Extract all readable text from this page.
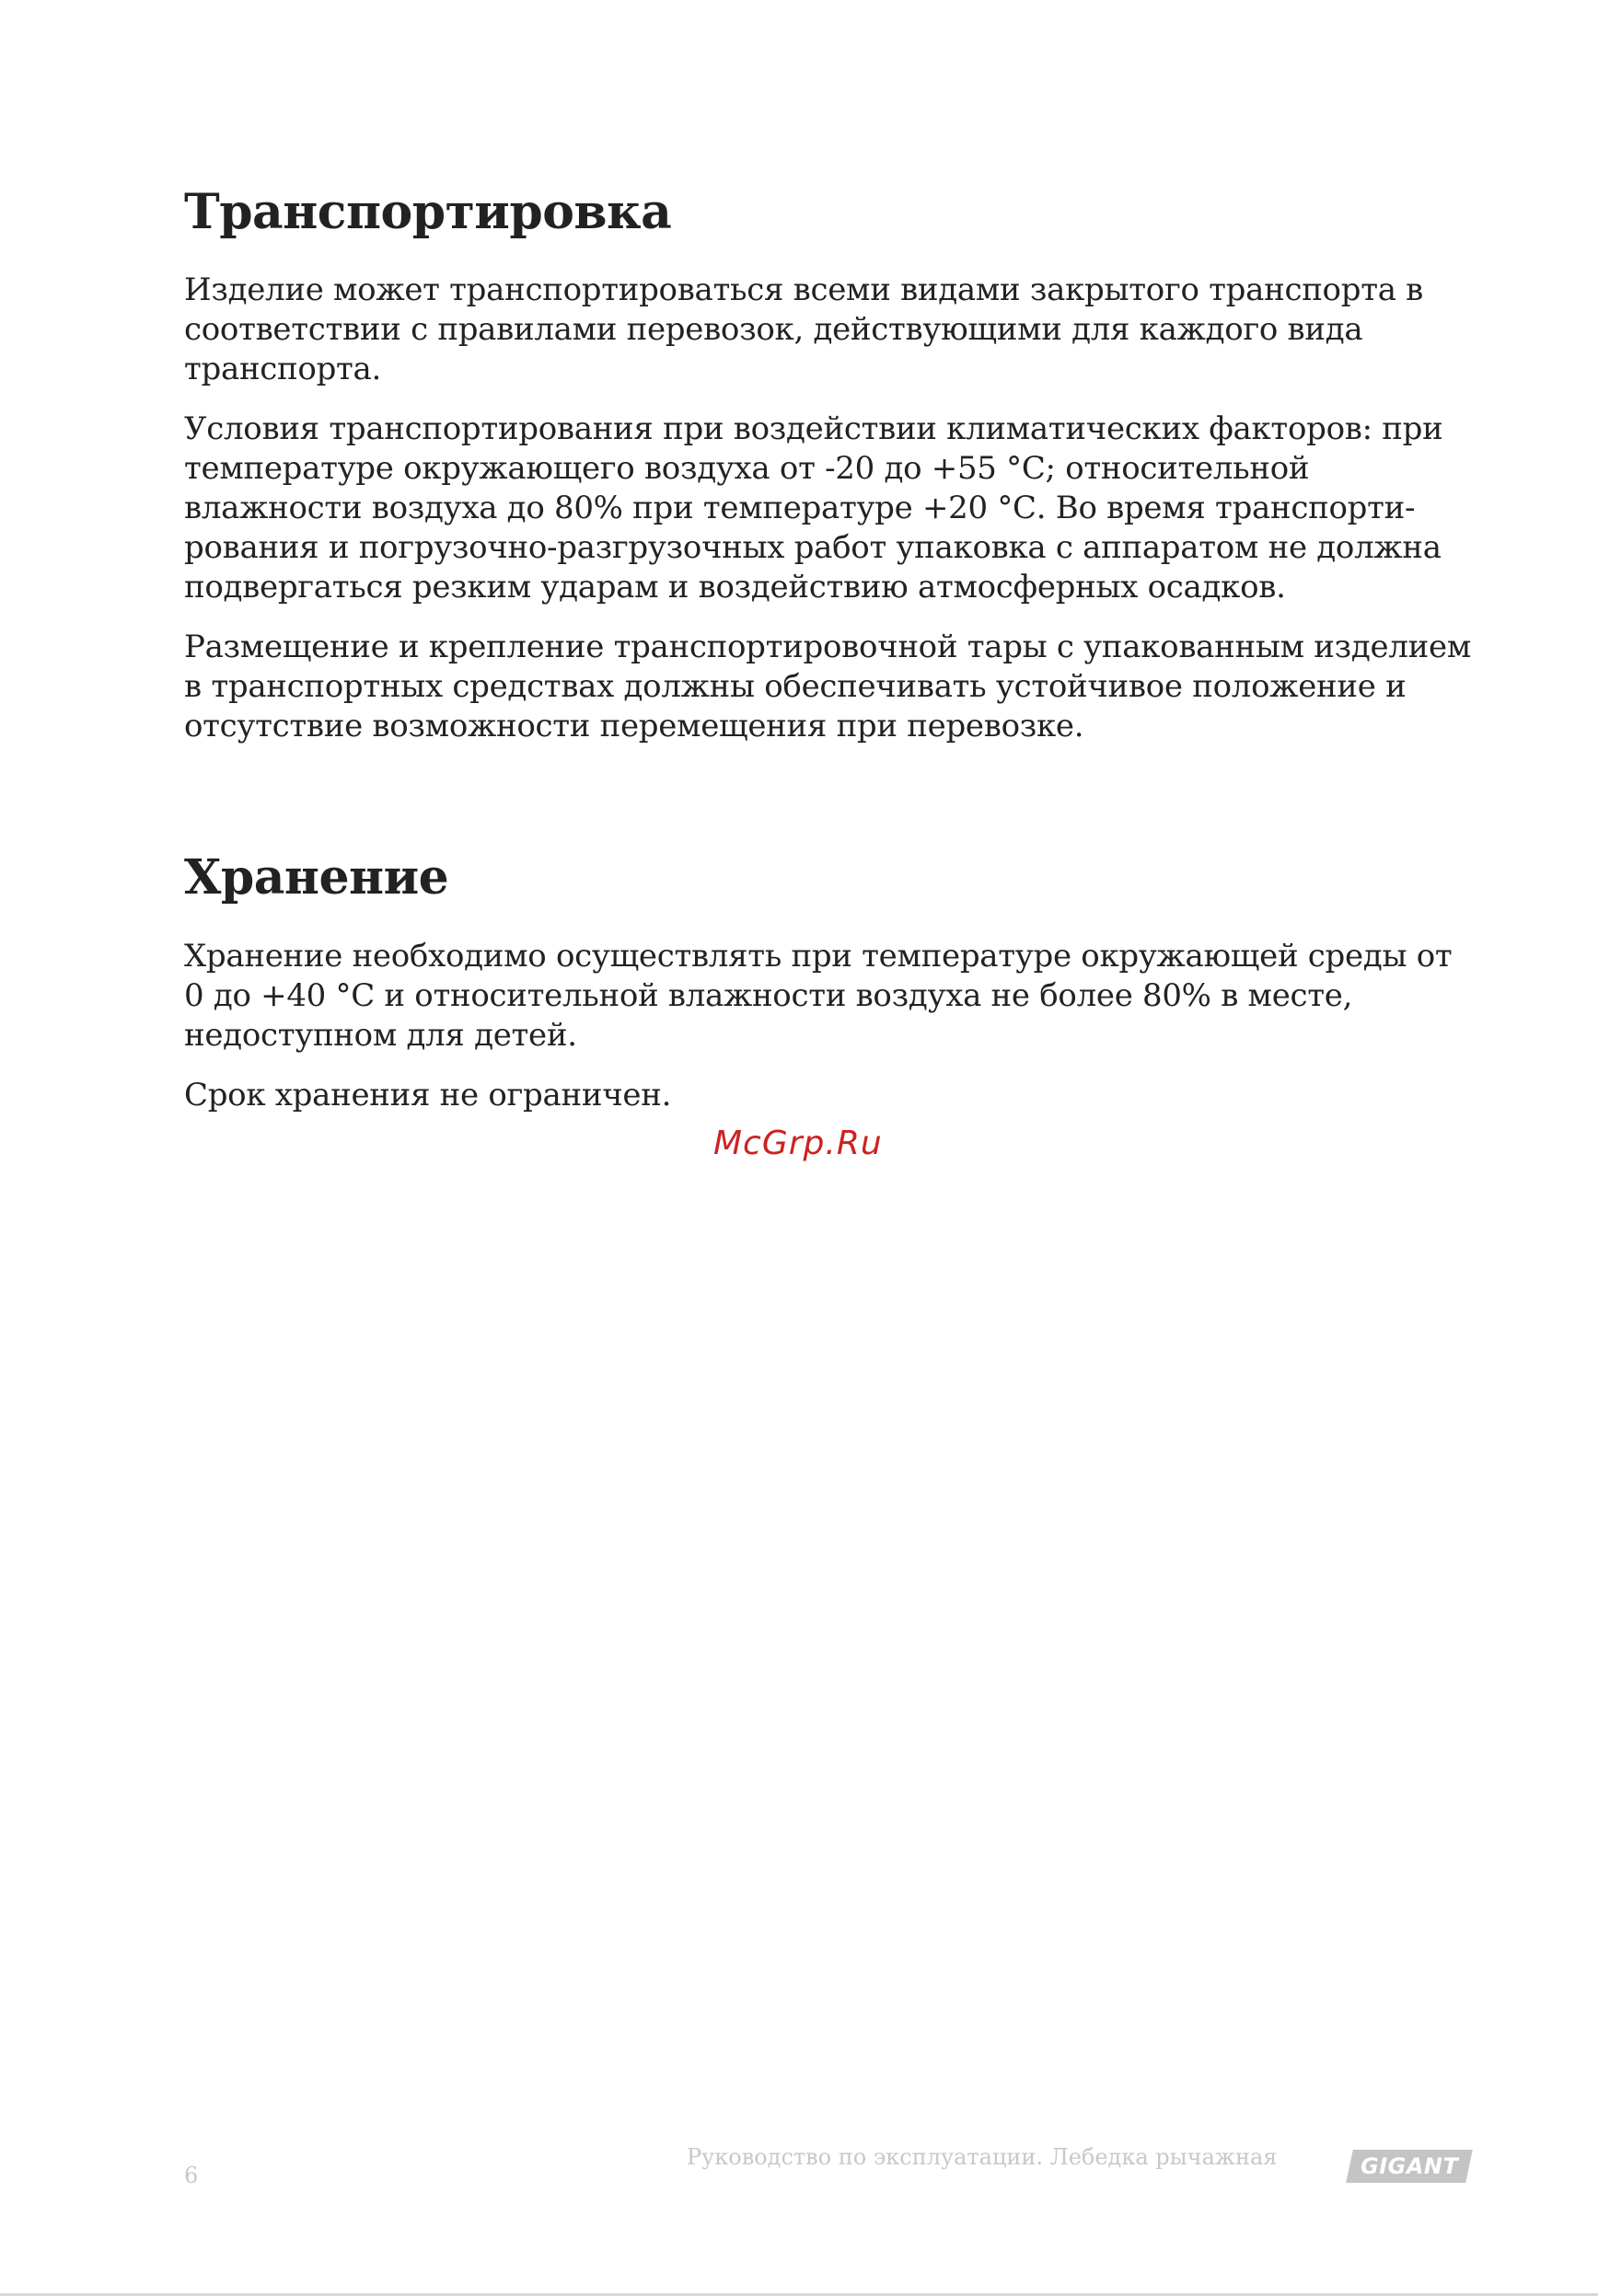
Транспортировка

Изделие может транспортироваться всеми видами закрытого транспорта в соответствии с правилами перевозок, действующими для каждого вида транспорта.

Условия транспортирования при воздействии климатических факторов: при температуре окружающего воздуха от -20 до +55 °С; относительной влажности воздуха до 80% при температуре +20 °С. Во время транспортирования и погрузочно-разгрузочных работ упаковка с аппаратом не должна подвергаться резким ударам и воздействию атмосферных осадков.

Размещение и крепление транспортировочной тары с упакованным изделием в транспортных средствах должны обеспечивать устойчивое положение и отсутствие возможности перемещения при перевозке.

Хранение

Хранение необходимо осуществлять при температуре окружающей среды от 0 до +40 °С и относительной влажности воздуха не более 80% в месте, недоступном для детей.

Срок хранения не ограничен.

McGrp.Ru
6
Руководство по эксплуатации. Лебедка рычажная	GIGANT
